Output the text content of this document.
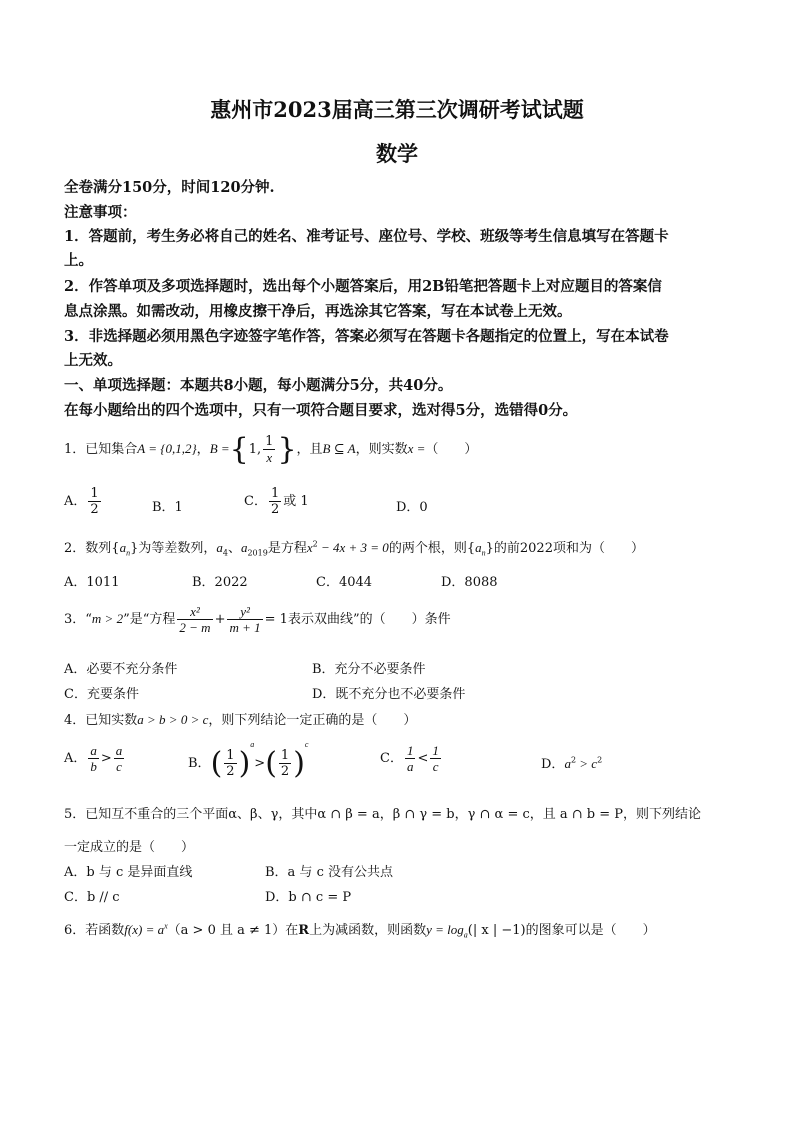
惠州市2023届高三第三次调研考试试题
数学
全卷满分150分，时间120分钟.
注意事项：
1．答题前，考生务必将自己的姓名、准考证号、座位号、学校、班级等考生信息填写在答题卡
上。
2．作答单项及多项选择题时，选出每个小题答案后，用2B铅笔把答题卡上对应题目的答案信
息点涂黑。如需改动，用橡皮擦干净后，再选涂其它答案，写在本试卷上无效。
3．非选择题必须用黑色字迹签字笔作答，答案必须写在答题卡各题指定的位置上，写在本试卷
上无效。
一、单项选择题：本题共8小题，每小题满分5分，共40分。
在每小题给出的四个选项中，只有一项符合题目要求，选对得5分，选错得0分。
1．已知集合A = {0,1,2}，B ={1, $\frac{1}{x}$ }，且B ⊆ A，则实数x =（　　）
A． $\frac{1}{2}$	B．1	C． $\frac{1}{2}$ 或 1	D．0
2．数列$\{a_n\}$为等差数列，$a_4$、$a_{2019}$是方程$x^2 - 4x + 3 = 0$的两个根，则$\{a_n\}$的前2022项和为（　　）
A．1011	B．2022	C．4044	D．8088
3．“m > 2”是“方程 $\frac{\text{x²}}{2 - m} + \frac{\text{y²}}{m + 1} = 1$表示双曲线”的（　　）条件
A．必要不充分条件	B．充分不必要条件
C．充要条件	D．既不充分也不必要条件
4．已知实数a > b > 0 > c，则下列结论一定正确的是（　　）
A． $\frac{a}{b} > \frac{a}{c}$	B．( $\frac{1}{2} )^a>( \frac{1}{2} )^c$
C． $\frac{1}{a} < \frac{1}{c}$	D．$a^2 > c^2$
5．已知互不重合的三个平面α、β、γ，其中α ∩ β = a，β ∩ γ = b，γ ∩ α = c，且 a ∩ b = P，则下列结论
一定成立的是（　　）
A．b 与 c 是异面直线	B．a 与 c 没有公共点
C．b // c	D．b ∩ c = P
6．若函数$f(x) = a^x(a > 0$ 且 a ≠ 1）在R上为减函数，则函数$y = \log_a(|$ x | −1)的图象可以是（　　）
